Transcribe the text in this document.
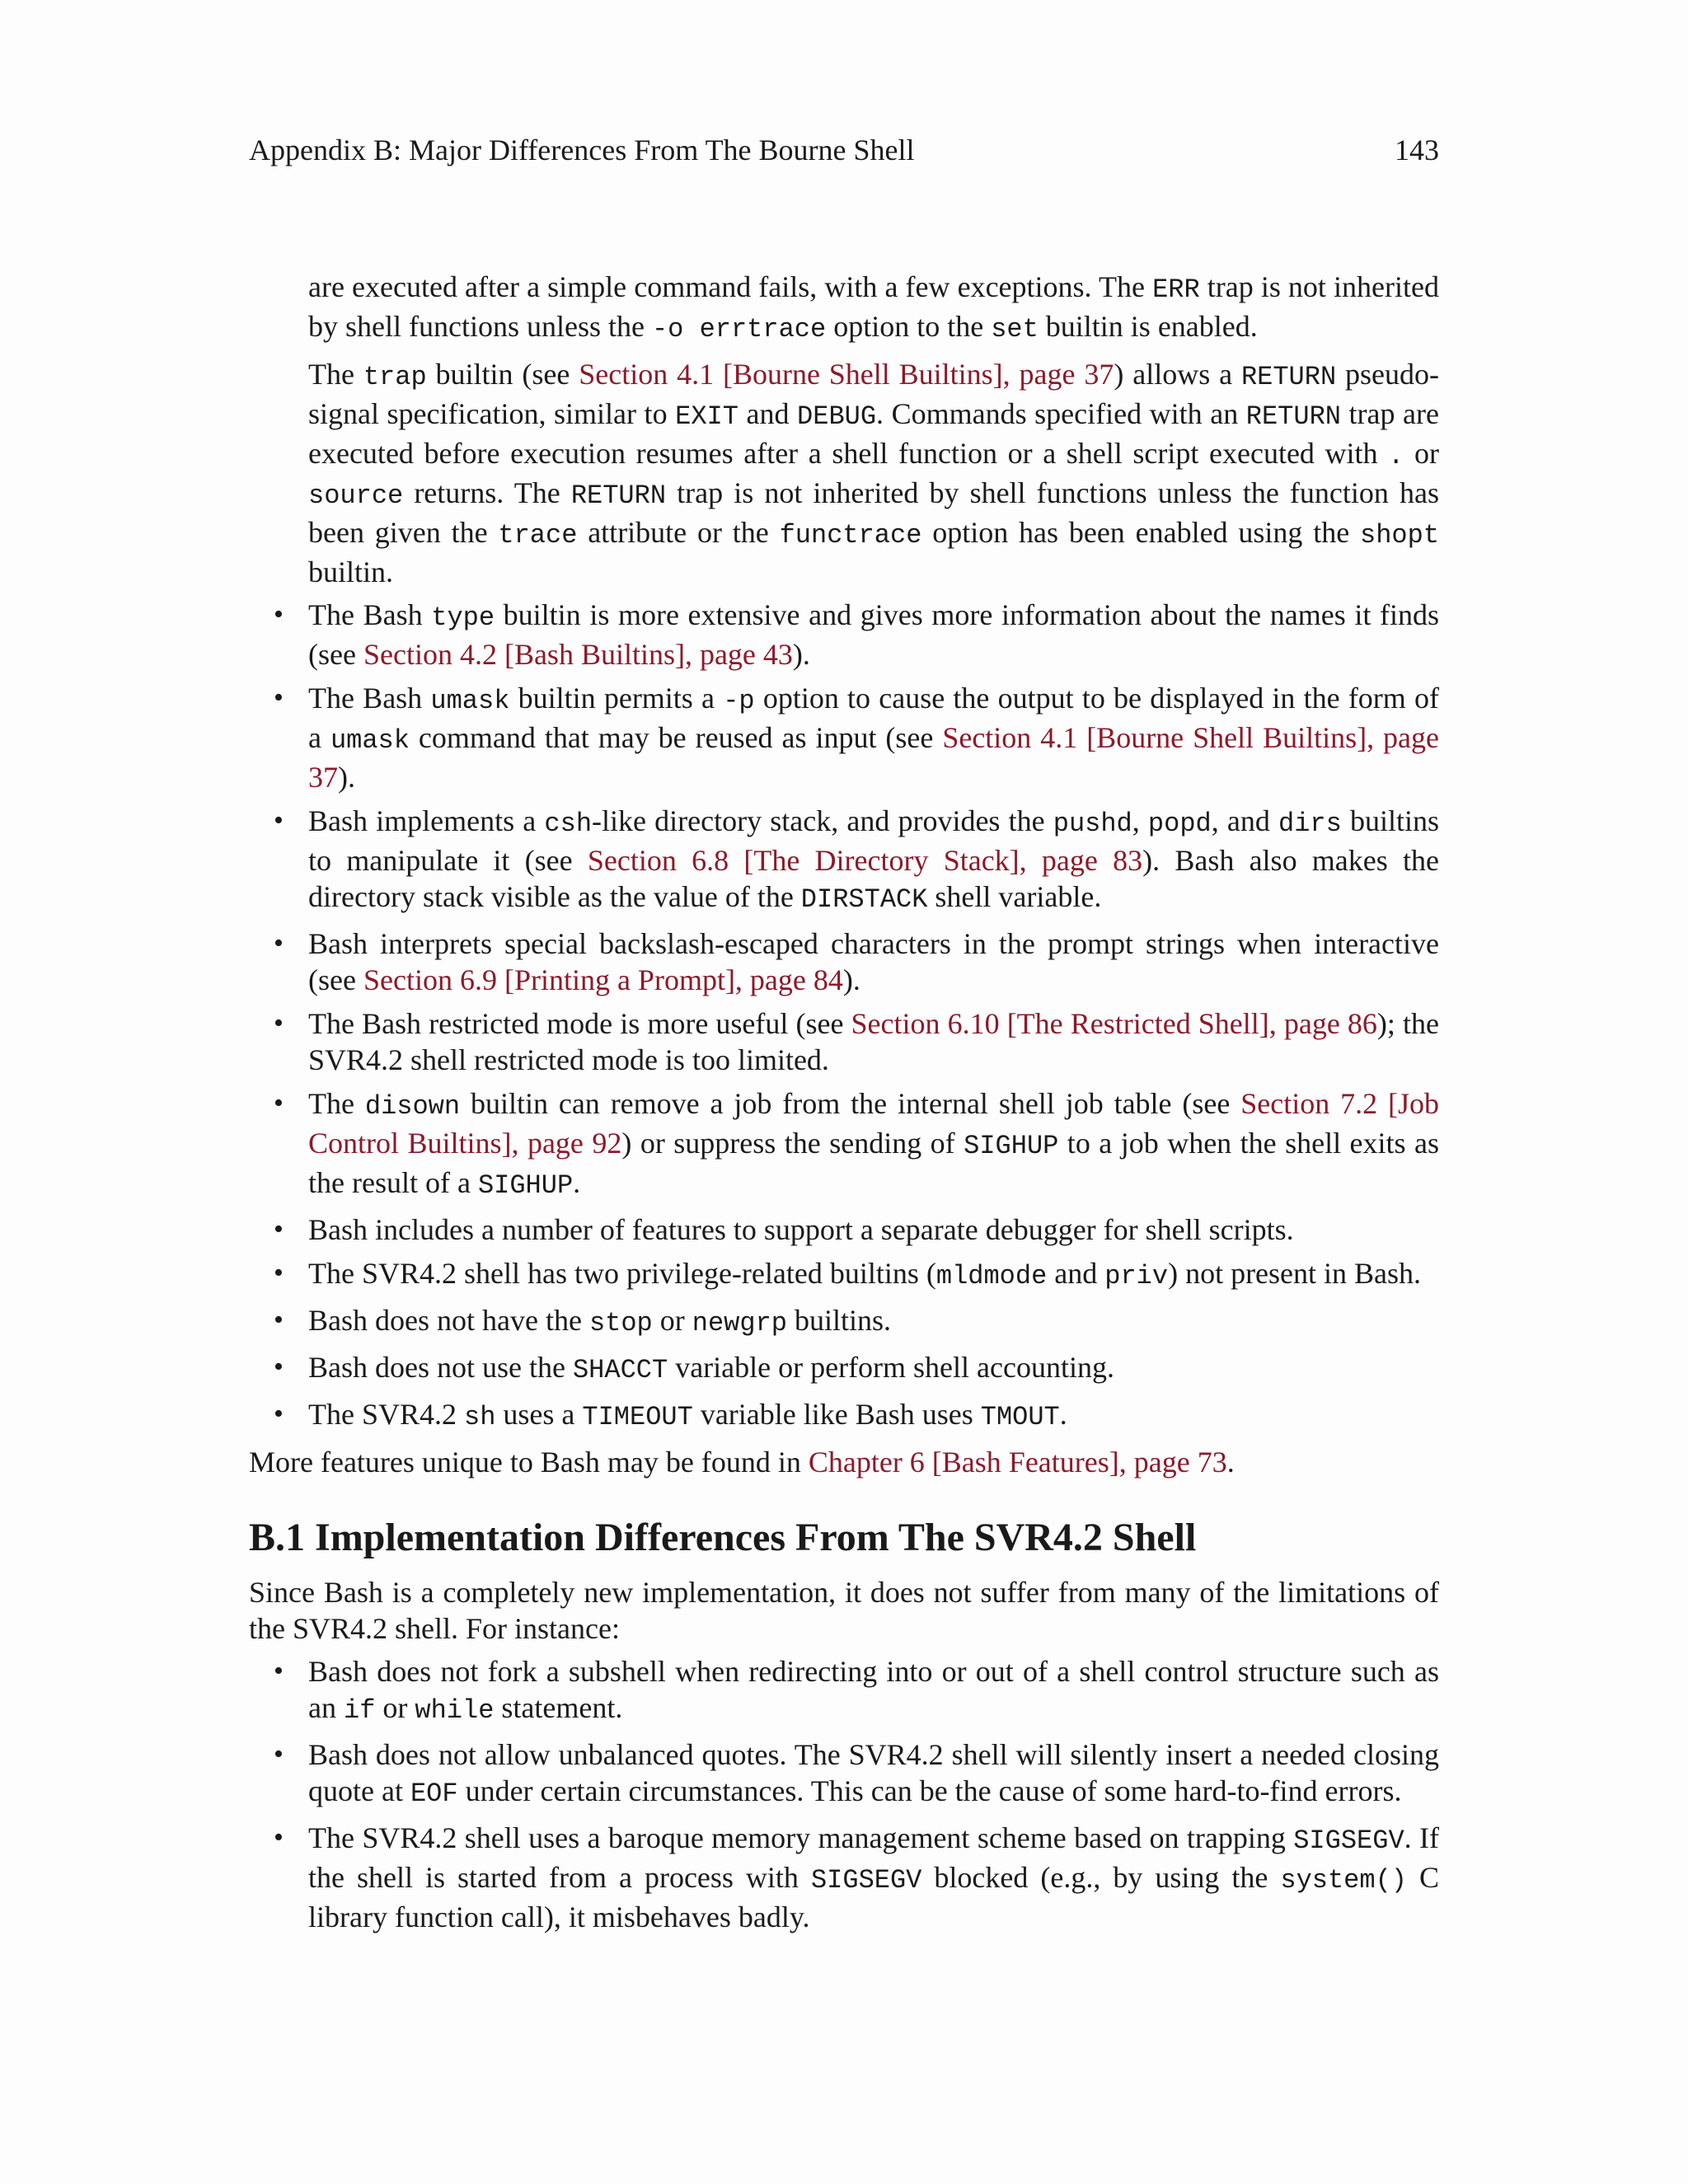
Appendix B: Major Differences From The Bourne Shell	143

are executed after a simple command fails, with a few exceptions. The ERR trap is not inherited by shell functions unless the -o errtrace option to the set builtin is enabled.

The trap builtin (see Section 4.1 [Bourne Shell Builtins], page 37) allows a RETURN pseudo-signal specification, similar to EXIT and DEBUG. Commands specified with an RETURN trap are executed before execution resumes after a shell function or a shell script executed with . or source returns. The RETURN trap is not inherited by shell functions unless the function has been given the trace attribute or the functrace option has been enabled using the shopt builtin.

• The Bash type builtin is more extensive and gives more information about the names it finds (see Section 4.2 [Bash Builtins], page 43).
• The Bash umask builtin permits a -p option to cause the output to be displayed in the form of a umask command that may be reused as input (see Section 4.1 [Bourne Shell Builtins], page 37).
• Bash implements a csh-like directory stack, and provides the pushd, popd, and dirs builtins to manipulate it (see Section 6.8 [The Directory Stack], page 83). Bash also makes the directory stack visible as the value of the DIRSTACK shell variable.
• Bash interprets special backslash-escaped characters in the prompt strings when interactive (see Section 6.9 [Printing a Prompt], page 84).
• The Bash restricted mode is more useful (see Section 6.10 [The Restricted Shell], page 86); the SVR4.2 shell restricted mode is too limited.
• The disown builtin can remove a job from the internal shell job table (see Section 7.2 [Job Control Builtins], page 92) or suppress the sending of SIGHUP to a job when the shell exits as the result of a SIGHUP.
• Bash includes a number of features to support a separate debugger for shell scripts.
• The SVR4.2 shell has two privilege-related builtins (mldmode and priv) not present in Bash.
• Bash does not have the stop or newgrp builtins.
• Bash does not use the SHACCT variable or perform shell accounting.
• The SVR4.2 sh uses a TIMEOUT variable like Bash uses TMOUT.

More features unique to Bash may be found in Chapter 6 [Bash Features], page 73.

B.1 Implementation Differences From The SVR4.2 Shell

Since Bash is a completely new implementation, it does not suffer from many of the limitations of the SVR4.2 shell. For instance:

• Bash does not fork a subshell when redirecting into or out of a shell control structure such as an if or while statement.
• Bash does not allow unbalanced quotes. The SVR4.2 shell will silently insert a needed closing quote at EOF under certain circumstances. This can be the cause of some hard-to-find errors.
• The SVR4.2 shell uses a baroque memory management scheme based on trapping SIGSEGV. If the shell is started from a process with SIGSEGV blocked (e.g., by using the system() C library function call), it misbehaves badly.
